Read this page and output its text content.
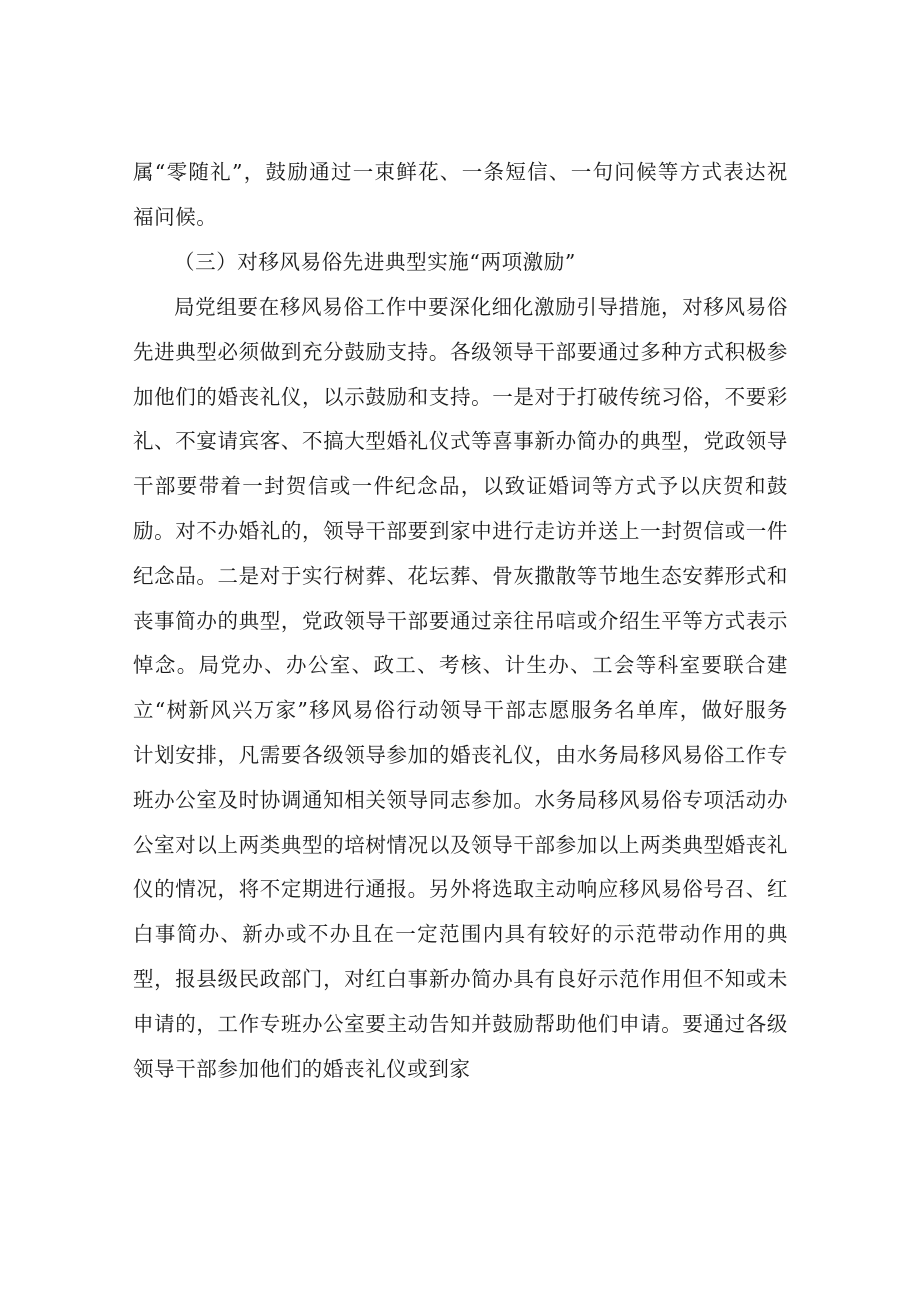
属“零随礼”，鼓励通过一束鲜花、一条短信、一句问候等方式表达祝福问候。

（三）对移风易俗先进典型实施“两项激励”

局党组要在移风易俗工作中要深化细化激励引导措施，对移风易俗先进典型必须做到充分鼓励支持。各级领导干部要通过多种方式积极参加他们的婚丧礼仪，以示鼓励和支持。一是对于打破传统习俗，不要彩礼、不宴请宾客、不搞大型婚礼仪式等喜事新办简办的典型，党政领导干部要带着一封贺信或一件纪念品，以致证婚词等方式予以庆贺和鼓励。对不办婚礼的，领导干部要到家中进行走访并送上一封贺信或一件纪念品。二是对于实行树葬、花坛葬、骨灰撒散等节地生态安葬形式和丧事简办的典型，党政领导干部要通过亲往吊唁或介绍生平等方式表示悼念。局党办、办公室、政工、考核、计生办、工会等科室要联合建立“树新风兴万家”移风易俗行动领导干部志愿服务名单库，做好服务计划安排，凡需要各级领导参加的婚丧礼仪，由水务局移风易俗工作专班办公室及时协调通知相关领导同志参加。水务局移风易俗专项活动办公室对以上两类典型的培树情况以及领导干部参加以上两类典型婚丧礼仪的情况，将不定期进行通报。另外将选取主动响应移风易俗号召、红白事简办、新办或不办且在一定范围内具有较好的示范带动作用的典型，报县级民政部门，对红白事新办简办具有良好示范作用但不知或未申请的，工作专班办公室要主动告知并鼓励帮助他们申请。要通过各级领导干部参加他们的婚丧礼仪或到家
